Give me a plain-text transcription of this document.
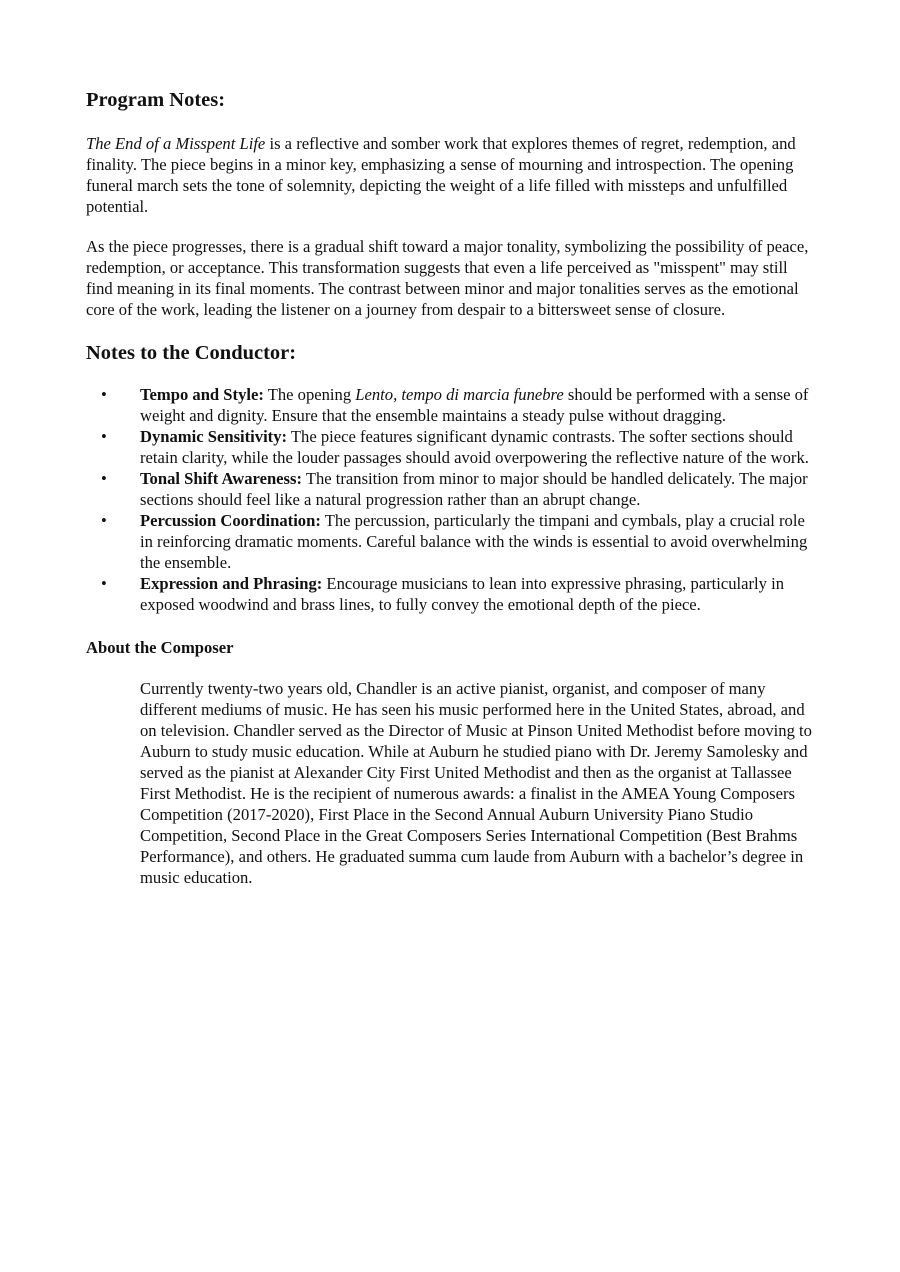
Program Notes:

The End of a Misspent Life is a reflective and somber work that explores themes of regret, redemption, and finality. The piece begins in a minor key, emphasizing a sense of mourning and introspection. The opening funeral march sets the tone of solemnity, depicting the weight of a life filled with missteps and unfulfilled potential.

As the piece progresses, there is a gradual shift toward a major tonality, symbolizing the possibility of peace, redemption, or acceptance. This transformation suggests that even a life perceived as "misspent" may still find meaning in its final moments. The contrast between minor and major tonalities serves as the emotional core of the work, leading the listener on a journey from despair to a bittersweet sense of closure.

Notes to the Conductor:
• Tempo and Style: The opening Lento, tempo di marcia funebre should be performed with a sense of weight and dignity. Ensure that the ensemble maintains a steady pulse without dragging.
• Dynamic Sensitivity: The piece features significant dynamic contrasts. The softer sections should retain clarity, while the louder passages should avoid overpowering the reflective nature of the work.
• Tonal Shift Awareness: The transition from minor to major should be handled delicately. The major sections should feel like a natural progression rather than an abrupt change.
• Percussion Coordination: The percussion, particularly the timpani and cymbals, play a crucial role in reinforcing dramatic moments. Careful balance with the winds is essential to avoid overwhelming the ensemble.
• Expression and Phrasing: Encourage musicians to lean into expressive phrasing, particularly in exposed woodwind and brass lines, to fully convey the emotional depth of the piece.
About the Composer

Currently twenty-two years old, Chandler is an active pianist, organist, and composer of many different mediums of music. He has seen his music performed here in the United States, abroad, and on television. Chandler served as the Director of Music at Pinson United Methodist before moving to Auburn to study music education. While at Auburn he studied piano with Dr. Jeremy Samolesky and served as the pianist at Alexander City First United Methodist and then as the organist at Tallassee First Methodist. He is the recipient of numerous awards: a finalist in the AMEA Young Composers Competition (2017-2020), First Place in the Second Annual Auburn University Piano Studio Competition, Second Place in the Great Composers Series International Competition (Best Brahms Performance), and others. He graduated summa cum laude from Auburn with a bachelor’s degree in music education.
